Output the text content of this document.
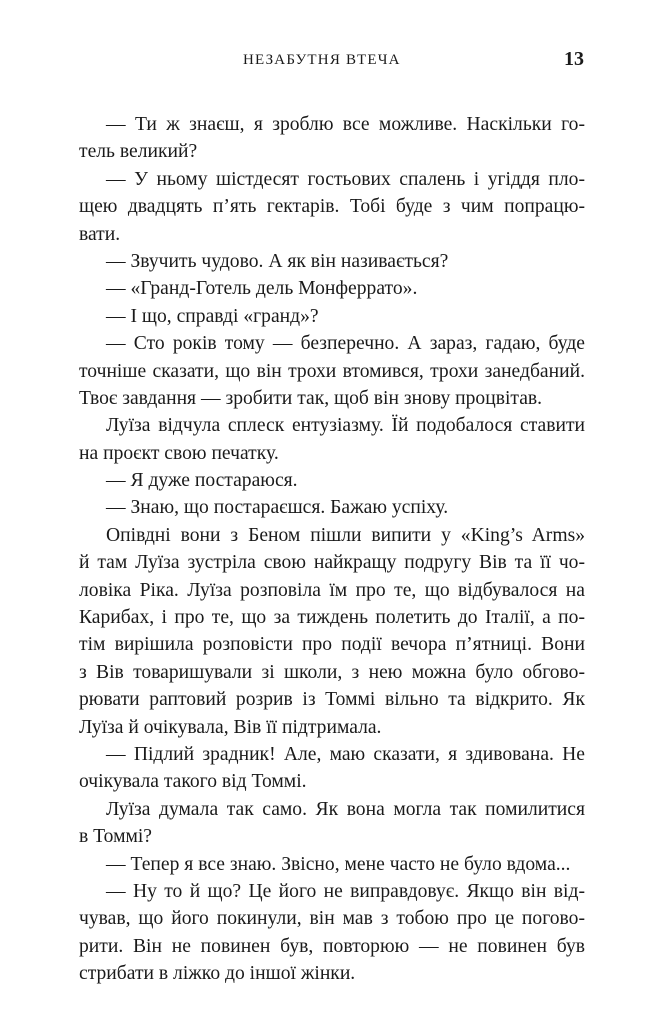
НЕЗАБУТНЯ ВТЕЧА	13
— Ти ж знаєш, я зроблю все можливе. Наскільки го-
тель великий?
— У ньому шістдесят гостьових спалень і угіддя пло-
щею двадцять п’ять гектарів. Тобі буде з чим попрацю-
вати.
— Звучить чудово. А як він називається?
— «Гранд-Готель дель Монферрато».
— І що, справді «гранд»?
— Сто років тому — безперечно. А зараз, гадаю, буде
точніше сказати, що він трохи втомився, трохи занедбаний.
Твоє завдання — зробити так, щоб він знову процвітав.
Луїза відчула сплеск ентузіазму. Їй подобалося ставити
на проєкт свою печатку.
— Я дуже постараюся.
— Знаю, що постараєшся. Бажаю успіху.
Опівдні вони з Беном пішли випити у «King’s Arms»
й там Луїза зустріла свою найкращу подругу Вів та її чо-
ловіка Ріка. Луїза розповіла їм про те, що відбувалося на
Карибах, і про те, що за тиждень полетить до Італії, а по-
тім вирішила розповісти про події вечора п’ятниці. Вони
з Вів товаришували зі школи, з нею можна було обгово-
рювати раптовий розрив із Томмі вільно та відкрито. Як
Луїза й очікувала, Вів її підтримала.
— Підлий зрадник! Але, маю сказати, я здивована. Не
очікувала такого від Томмі.
Луїза думала так само. Як вона могла так помилитися
в Томмі?
— Тепер я все знаю. Звісно, мене часто не було вдома...
— Ну то й що? Це його не виправдовує. Якщо він від-
чував, що його покинули, він мав з тобою про це погово-
рити. Він не повинен був, повторюю — не повинен був
стрибати в ліжко до іншої жінки.
